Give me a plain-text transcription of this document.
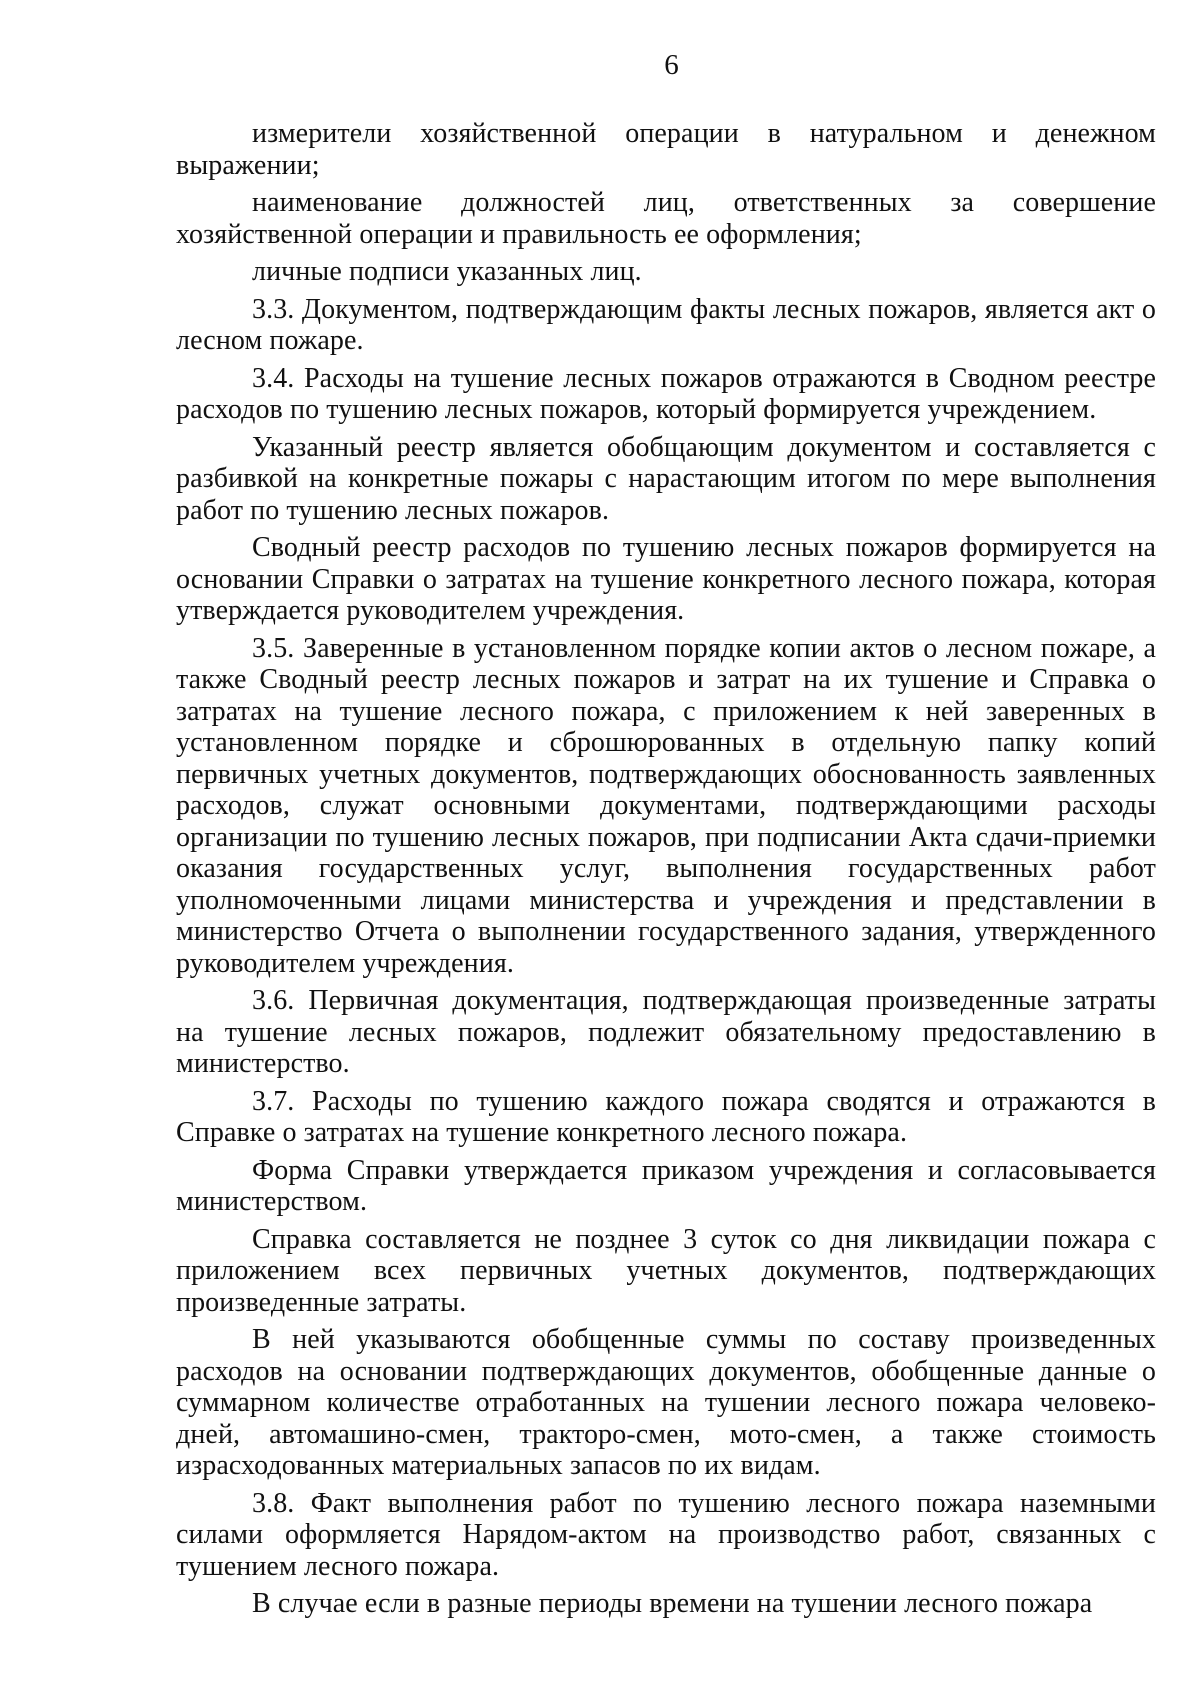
6

измерители хозяйственной операции в натуральном и денежном выражении;

наименование должностей лиц, ответственных за совершение хозяйственной операции и правильность ее оформления;

личные подписи указанных лиц.

3.3. Документом, подтверждающим факты лесных пожаров, является акт о лесном пожаре.

3.4. Расходы на тушение лесных пожаров отражаются в Сводном реестре расходов по тушению лесных пожаров, который формируется учреждением.

Указанный реестр является обобщающим документом и составляется с разбивкой на конкретные пожары с нарастающим итогом по мере выполнения работ по тушению лесных пожаров.

Сводный реестр расходов по тушению лесных пожаров формируется на основании Справки о затратах на тушение конкретного лесного пожара, которая утверждается руководителем учреждения.

3.5. Заверенные в установленном порядке копии актов о лесном пожаре, а также Сводный реестр лесных пожаров и затрат на их тушение и Справка о затратах на тушение лесного пожара, с приложением к ней заверенных в установленном порядке и сброшюрованных в отдельную папку копий первичных учетных документов, подтверждающих обоснованность заявленных расходов, служат основными документами, подтверждающими расходы организации по тушению лесных пожаров, при подписании Акта сдачи-приемки оказания государственных услуг, выполнения государственных работ уполномоченными лицами министерства и учреждения и представлении в министерство Отчета о выполнении государственного задания, утвержденного руководителем учреждения.

3.6. Первичная документация, подтверждающая произведенные затраты на тушение лесных пожаров, подлежит обязательному предоставлению в министерство.

3.7. Расходы по тушению каждого пожара сводятся и отражаются в Справке о затратах на тушение конкретного лесного пожара.

Форма Справки утверждается приказом учреждения и согласовывается министерством.

Справка составляется не позднее 3 суток со дня ликвидации пожара с приложением всех первичных учетных документов, подтверждающих произведенные затраты.

В ней указываются обобщенные суммы по составу произведенных расходов на основании подтверждающих документов, обобщенные данные о суммарном количестве отработанных на тушении лесного пожара человеко-дней, автомашино-смен, тракторо-смен, мото-смен, а также стоимость израсходованных материальных запасов по их видам.

3.8. Факт выполнения работ по тушению лесного пожара наземными силами оформляется Нарядом-актом на производство работ, связанных с тушением лесного пожара.

В случае если в разные периоды времени на тушении лесного пожара
